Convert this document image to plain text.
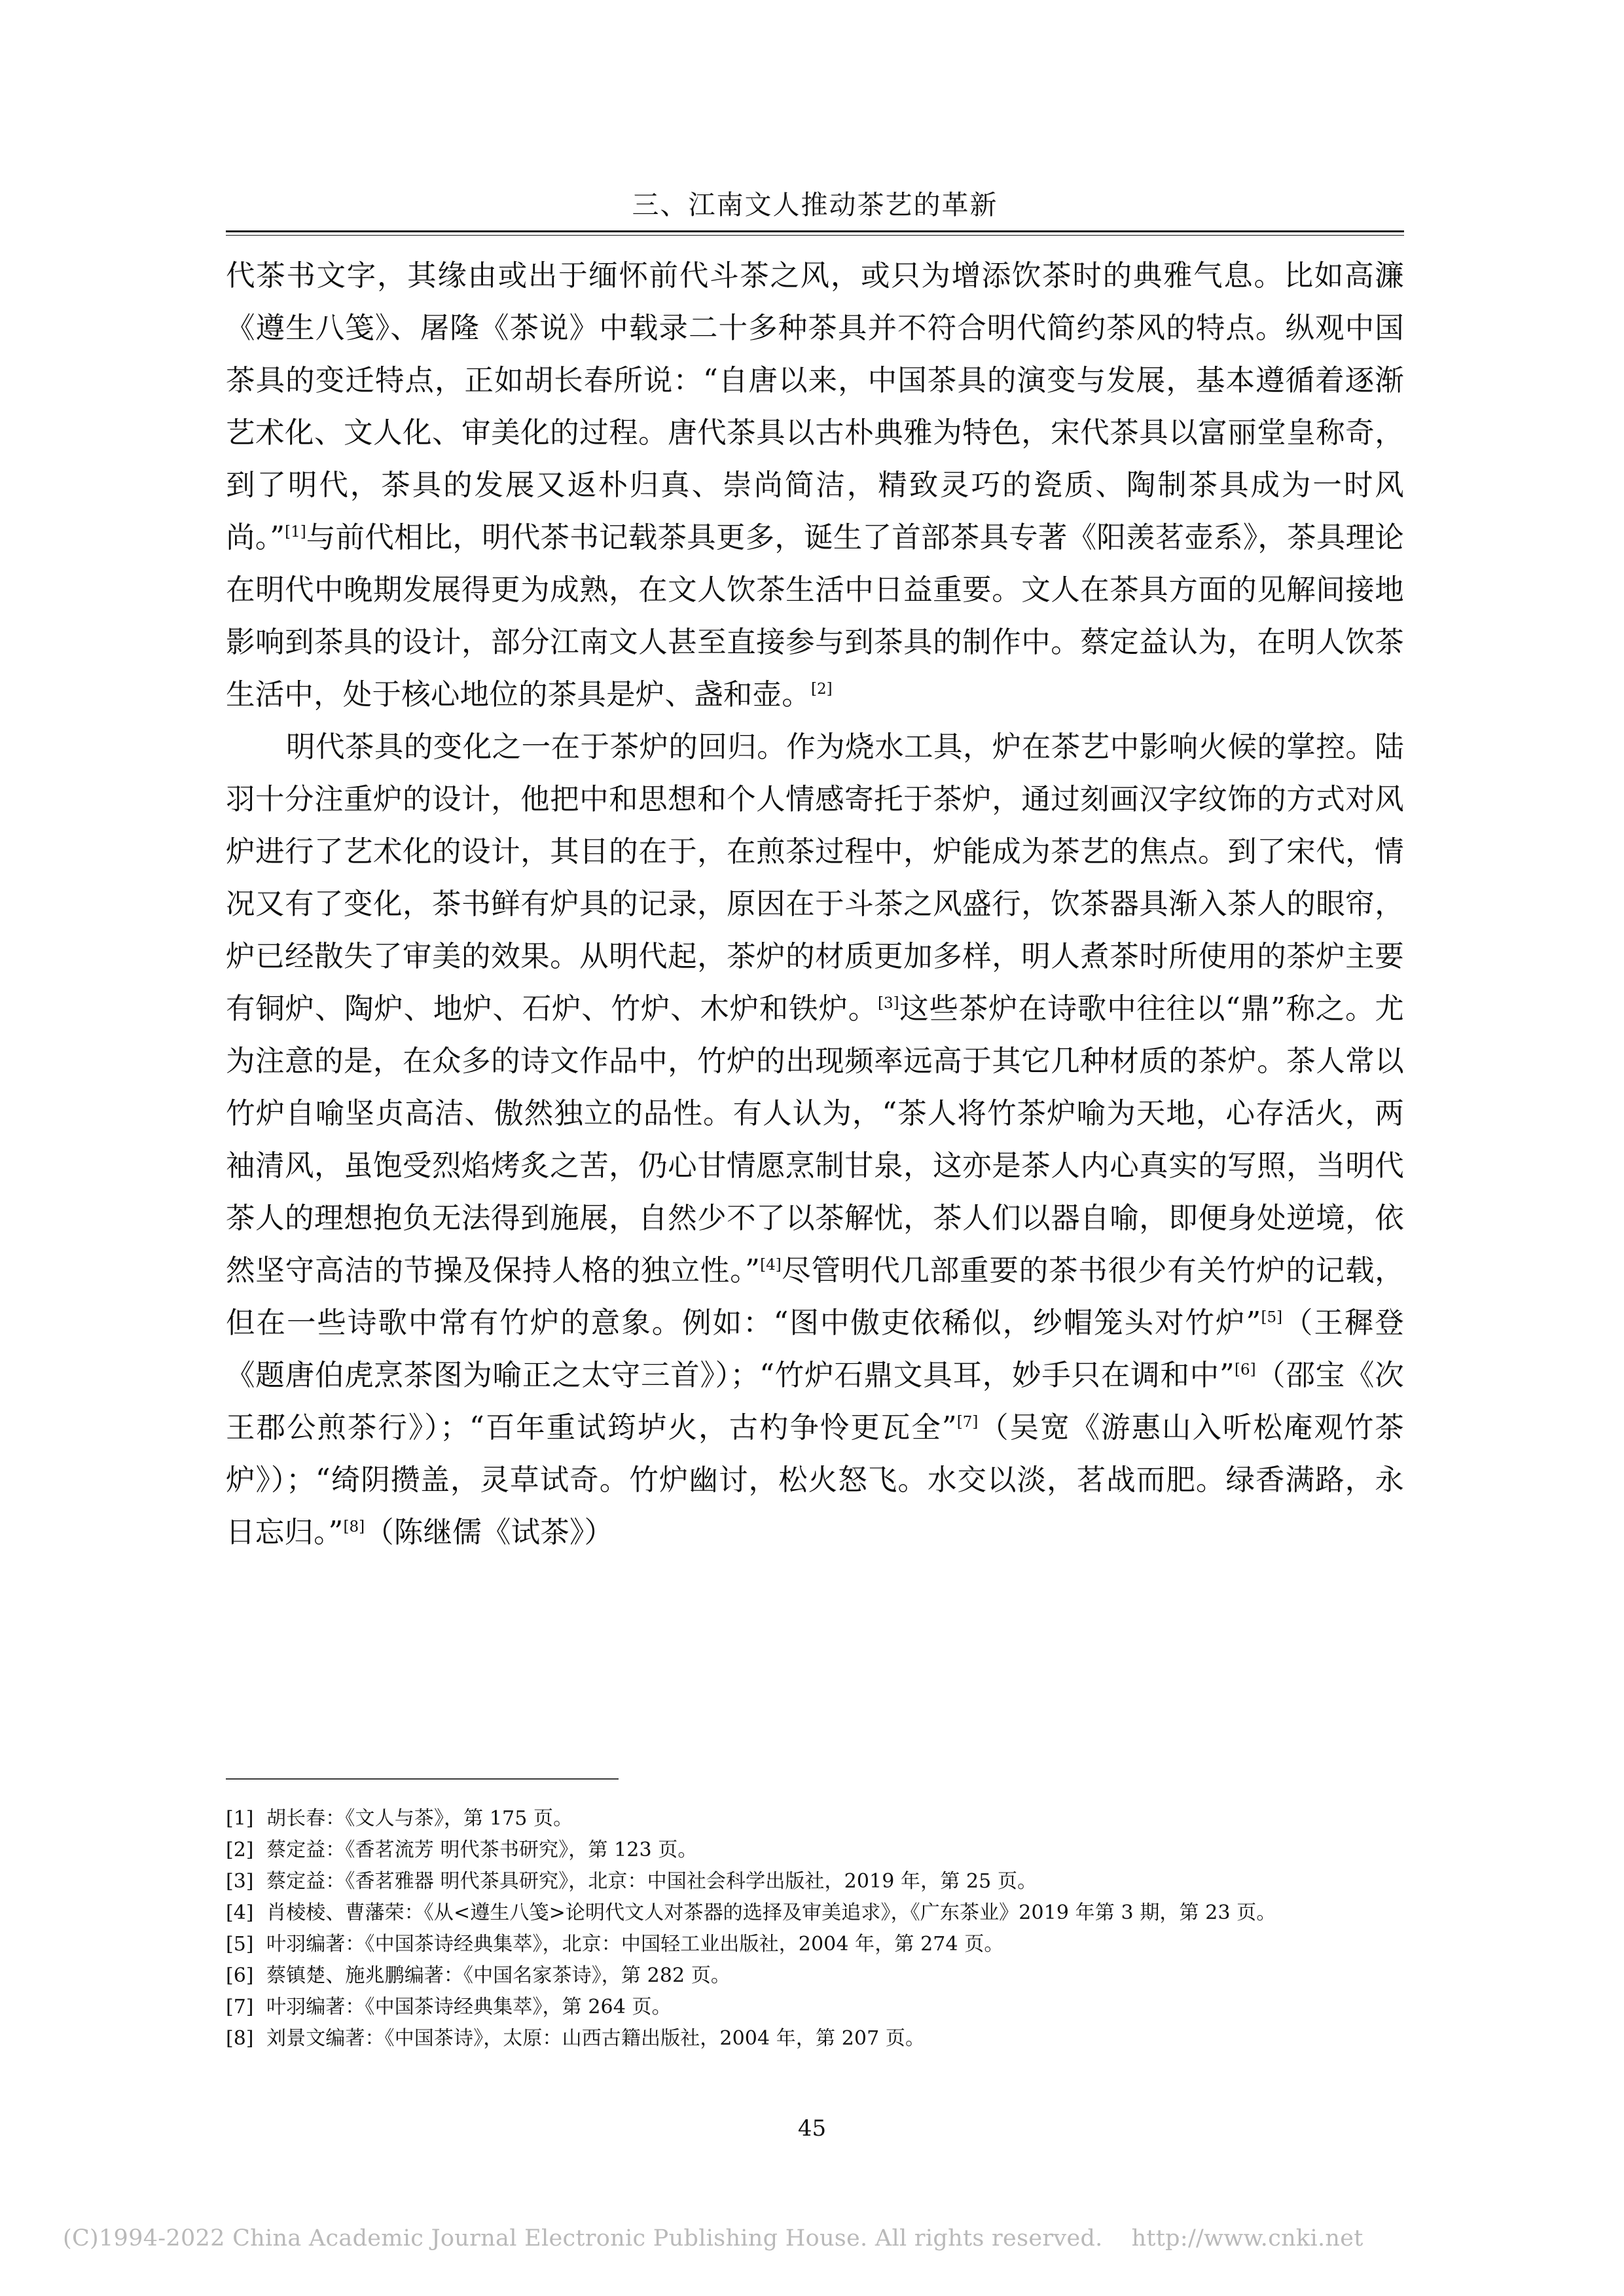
三、江南文人推动茶艺的革新

代茶书文字，其缘由或出于缅怀前代斗茶之风，或只为增添饮茶时的典雅气息。比如高濂《遵生八笺》、屠隆《茶说》中载录二十多种茶具并不符合明代简约茶风的特点。纵观中国茶具的变迁特点，正如胡长春所说：“自唐以来，中国茶具的演变与发展，基本遵循着逐渐艺术化、文人化、审美化的过程。唐代茶具以古朴典雅为特色，宋代茶具以富丽堂皇称奇，到了明代，茶具的发展又返朴归真、崇尚简洁，精致灵巧的瓷质、陶制茶具成为一时风尚。”[1]与前代相比，明代茶书记载茶具更多，诞生了首部茶具专著《阳羡茗壶系》，茶具理论在明代中晚期发展得更为成熟，在文人饮茶生活中日益重要。文人在茶具方面的见解间接地影响到茶具的设计，部分江南文人甚至直接参与到茶具的制作中。蔡定益认为，在明人饮茶生活中，处于核心地位的茶具是炉、盏和壶。[2]

明代茶具的变化之一在于茶炉的回归。作为烧水工具，炉在茶艺中影响火候的掌控。陆羽十分注重炉的设计，他把中和思想和个人情感寄托于茶炉，通过刻画汉字纹饰的方式对风炉进行了艺术化的设计，其目的在于，在煎茶过程中，炉能成为茶艺的焦点。到了宋代，情况又有了变化，茶书鲜有炉具的记录，原因在于斗茶之风盛行，饮茶器具渐入茶人的眼帘，炉已经散失了审美的效果。从明代起，茶炉的材质更加多样，明人煮茶时所使用的茶炉主要有铜炉、陶炉、地炉、石炉、竹炉、木炉和铁炉。[3]这些茶炉在诗歌中往往以“鼎”称之。尤为注意的是，在众多的诗文作品中，竹炉的出现频率远高于其它几种材质的茶炉。茶人常以竹炉自喻坚贞高洁、傲然独立的品性。有人认为，“茶人将竹茶炉喻为天地，心存活火，两袖清风，虽饱受烈焰烤炙之苦，仍心甘情愿烹制甘泉，这亦是茶人内心真实的写照，当明代茶人的理想抱负无法得到施展，自然少不了以茶解忧，茶人们以器自喻，即便身处逆境，依然坚守高洁的节操及保持人格的独立性。”[4]尽管明代几部重要的茶书很少有关竹炉的记载，但在一些诗歌中常有竹炉的意象。例如：“图中傲吏依稀似，纱帽笼头对竹炉”[5]（王穉登《题唐伯虎烹茶图为喻正之太守三首》）；“竹炉石鼎文具耳，妙手只在调和中”[6]（邵宝《次王郡公煎茶行》）；“百年重试筠垆火，古杓争怜更瓦全”[7]（吴宽《游惠山入听松庵观竹茶炉》）；“绮阴攒盖，灵草试奇。竹炉幽讨，松火怒飞。水交以淡，茗战而肥。绿香满路，永日忘归。”[8]（陈继儒《试茶》）

[1] 胡长春：《文人与茶》，第 175 页。
[2] 蔡定益：《香茗流芳 明代茶书研究》，第 123 页。
[3] 蔡定益：《香茗雅器 明代茶具研究》，北京：中国社会科学出版社，2019 年，第 25 页。
[4] 肖棱棱、曹藩荣：《从<遵生八笺>论明代文人对茶器的选择及审美追求》，《广东茶业》2019 年第 3 期，第 23 页。
[5] 叶羽编著：《中国茶诗经典集萃》，北京：中国轻工业出版社，2004 年，第 274 页。
[6] 蔡镇楚、施兆鹏编著：《中国名家茶诗》，第 282 页。
[7] 叶羽编著：《中国茶诗经典集萃》，第 264 页。
[8] 刘景文编著：《中国茶诗》，太原：山西古籍出版社，2004 年，第 207 页。
45
(C)1994-2022 China Academic Journal Electronic Publishing House. All rights reserved. http://www.cnki.net
